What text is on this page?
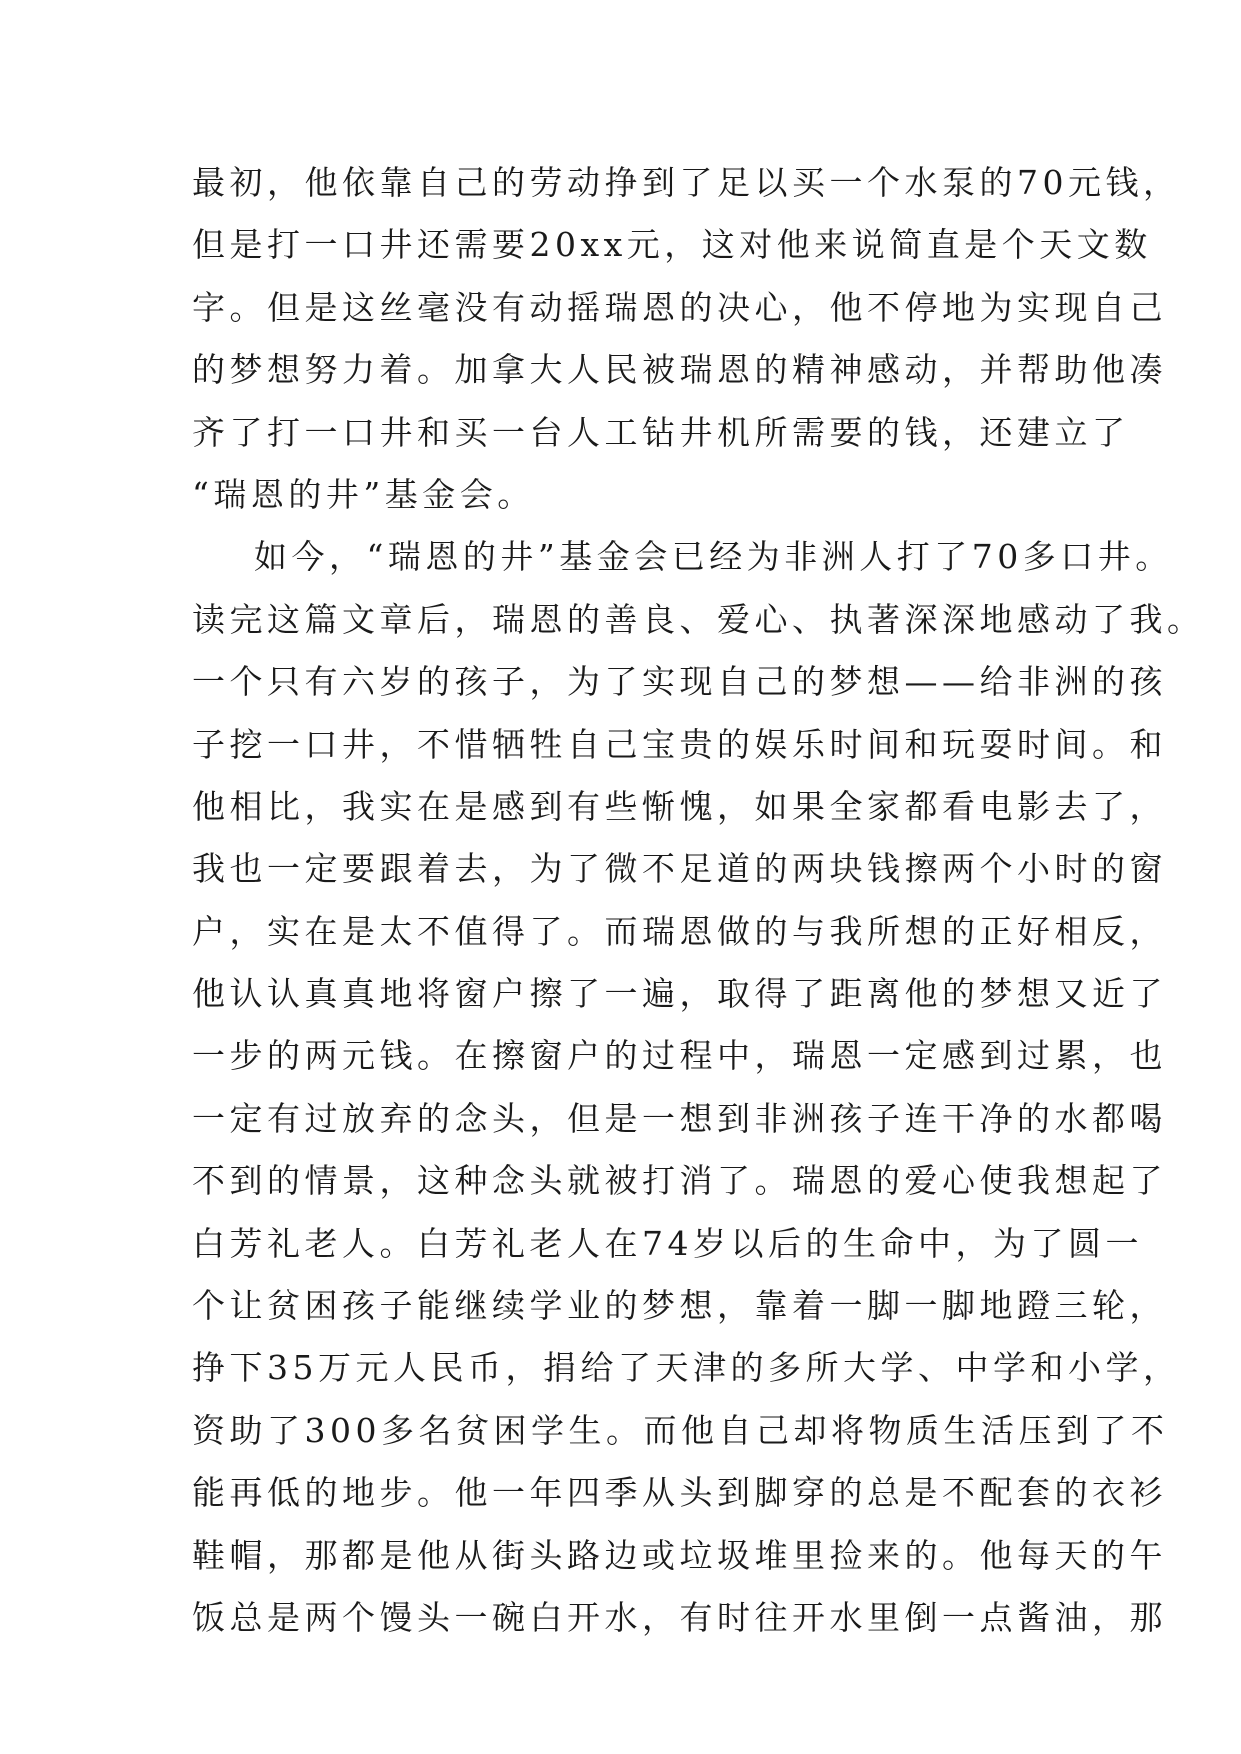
最初，他依靠自己的劳动挣到了足以买一个水泵的70元钱，
但是打一口井还需要20xx元，这对他来说简直是个天文数
字。但是这丝毫没有动摇瑞恩的决心，他不停地为实现自己
的梦想努力着。加拿大人民被瑞恩的精神感动，并帮助他凑
齐了打一口井和买一台人工钻井机所需要的钱，还建立了
“瑞恩的井”基金会。
如今，“瑞恩的井”基金会已经为非洲人打了70多口井。
读完这篇文章后，瑞恩的善良、爱心、执著深深地感动了我。
一个只有六岁的孩子，为了实现自己的梦想——给非洲的孩
子挖一口井，不惜牺牲自己宝贵的娱乐时间和玩耍时间。和
他相比，我实在是感到有些惭愧，如果全家都看电影去了，
我也一定要跟着去，为了微不足道的两块钱擦两个小时的窗
户，实在是太不值得了。而瑞恩做的与我所想的正好相反，
他认认真真地将窗户擦了一遍，取得了距离他的梦想又近了
一步的两元钱。在擦窗户的过程中，瑞恩一定感到过累，也
一定有过放弃的念头，但是一想到非洲孩子连干净的水都喝
不到的情景，这种念头就被打消了。瑞恩的爱心使我想起了
白芳礼老人。白芳礼老人在74岁以后的生命中，为了圆一
个让贫困孩子能继续学业的梦想，靠着一脚一脚地蹬三轮，
挣下35万元人民币，捐给了天津的多所大学、中学和小学，
资助了300多名贫困学生。而他自己却将物质生活压到了不
能再低的地步。他一年四季从头到脚穿的总是不配套的衣衫
鞋帽，那都是他从街头路边或垃圾堆里捡来的。他每天的午
饭总是两个馒头一碗白开水，有时往开水里倒一点酱油，那
